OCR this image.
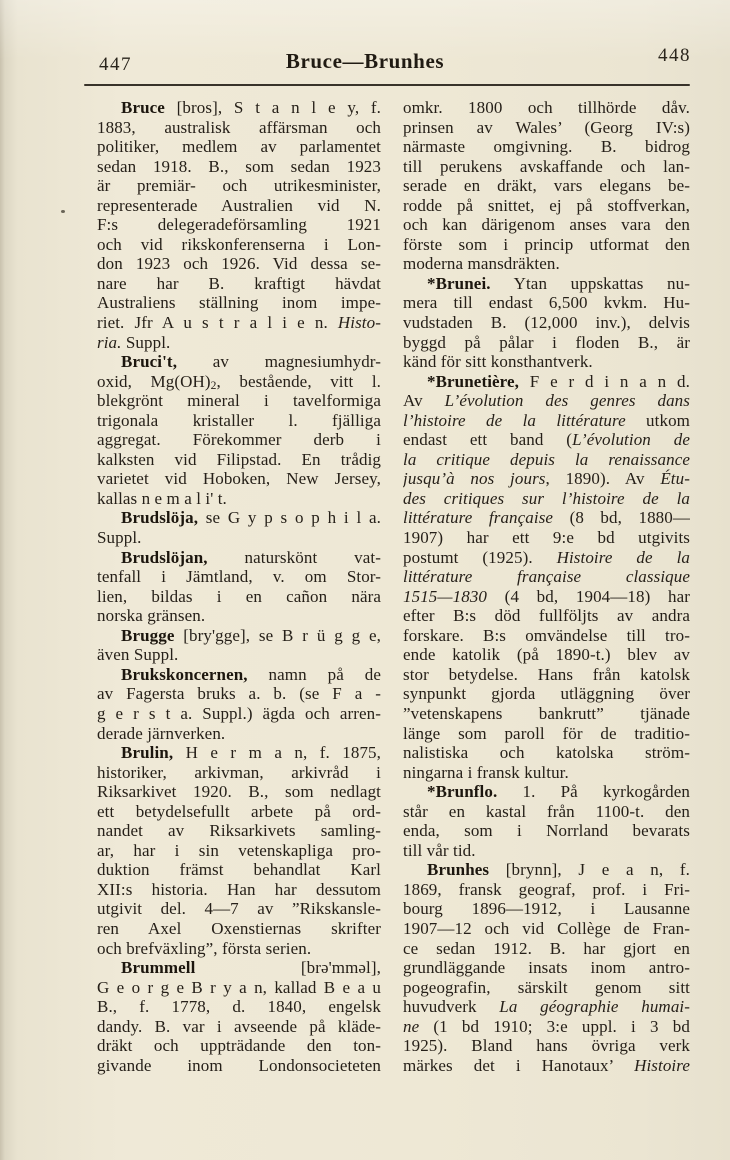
447	Bruce—Brunhes	448
Bruce [bros], S t a n l e y, f.
1883, australisk affärsman och
politiker, medlem av parlamentet
sedan 1918. B., som sedan 1923
är premiär- och utrikesminister,
representerade Australien vid N.
F:s delegeradeförsamling 1921
och vid rikskonferenserna i Lon-
don 1923 och 1926. Vid dessa se-
nare har B. kraftigt hävdat
Australiens ställning inom impe-
riet. Jfr A u s t r a l i e n. Histo-
ria. Suppl.
Bruci't, av magnesiumhydr-
oxid, $Mg(OH)_2$, bestående, vitt l.
blekgrönt mineral i tavelformiga
trigonala kristaller l. fjälliga
aggregat. Förekommer derb i
kalksten vid Filipstad. En trådig
varietet vid Hoboken, New Jersey,
kallas n e m a l i' t.
Brudslöja, se G y p s o p h i l a.
Suppl.
Brudslöjan, naturskönt vat-
tenfall i Jämtland, v. om Stor-
lien, bildas i en cañon nära
norska gränsen.
Brugge [bry'gge], se B r ü g g e,
även Suppl.
Brukskoncernen, namn på de
av Fagersta bruks a. b. (se F a -
g e r s t a. Suppl.) ägda och arren-
derade järnverken.
Brulin, H e r m a n, f. 1875,
historiker, arkivman, arkivråd i
Riksarkivet 1920. B., som nedlagt
ett betydelsefullt arbete på ord-
nandet av Riksarkivets samling-
ar, har i sin vetenskapliga pro-
duktion främst behandlat Karl
XII:s historia. Han har dessutom
utgivit del. 4—7 av ”Rikskansle-
ren Axel Oxenstiernas skrifter
och brefväxling”, första serien.
Brummell [brə'mməl],
G e o r g e B r y a n, kallad B e a u
B., f. 1778, d. 1840, engelsk
dandy. B. var i avseende på kläde-
dräkt och uppträdande den ton-
givande inom Londonsocieteten
omkr. 1800 och tillhörde dåv.
prinsen av Wales’ (Georg IV:s)
närmaste omgivning. B. bidrog
till perukens avskaffande och lan-
serade en dräkt, vars elegans be-
rodde på snittet, ej på stoffverkan,
och kan därigenom anses vara den
förste som i princip utformat den
moderna mansdräkten.
*Brunei. Ytan uppskattas nu-
mera till endast 6,500 kvkm. Hu-
vudstaden B. (12,000 inv.), delvis
byggd på pålar i floden B., är
känd för sitt konsthantverk.
*Brunetière, F e r d i n a n d.
Av L’évolution des genres dans
l’histoire de la littérature utkom
endast ett band (L’évolution de
la critique depuis la renaissance
jusqu’à nos jours, 1890). Av Étu-
des critiques sur l’histoire de la
littérature française (8 bd, 1880—
1907) har ett 9:e bd utgivits
postumt (1925). Histoire de la
littérature française classique
1515—1830 (4 bd, 1904—18) har
efter B:s död fullföljts av andra
forskare. B:s omvändelse till tro-
ende katolik (på 1890-t.) blev av
stor betydelse. Hans från katolsk
synpunkt gjorda utläggning över
”vetenskapens bankrutt” tjänade
länge som paroll för de traditio-
nalistiska och katolska ström-
ningarna i fransk kultur.
*Brunflo. 1. På kyrkogården
står en kastal från 1100-t. den
enda, som i Norrland bevarats
till vår tid.
Brunhes [brynn], J e a n, f.
1869, fransk geograf, prof. i Fri-
bourg 1896—1912, i Lausanne
1907—12 och vid Collège de Fran-
ce sedan 1912. B. har gjort en
grundläggande insats inom antro-
pogeografin, särskilt genom sitt
huvudverk La géographie humai-
ne (1 bd 1910; 3:e uppl. i 3 bd
1925). Bland hans övriga verk
märkes det i Hanotaux’ Histoire
